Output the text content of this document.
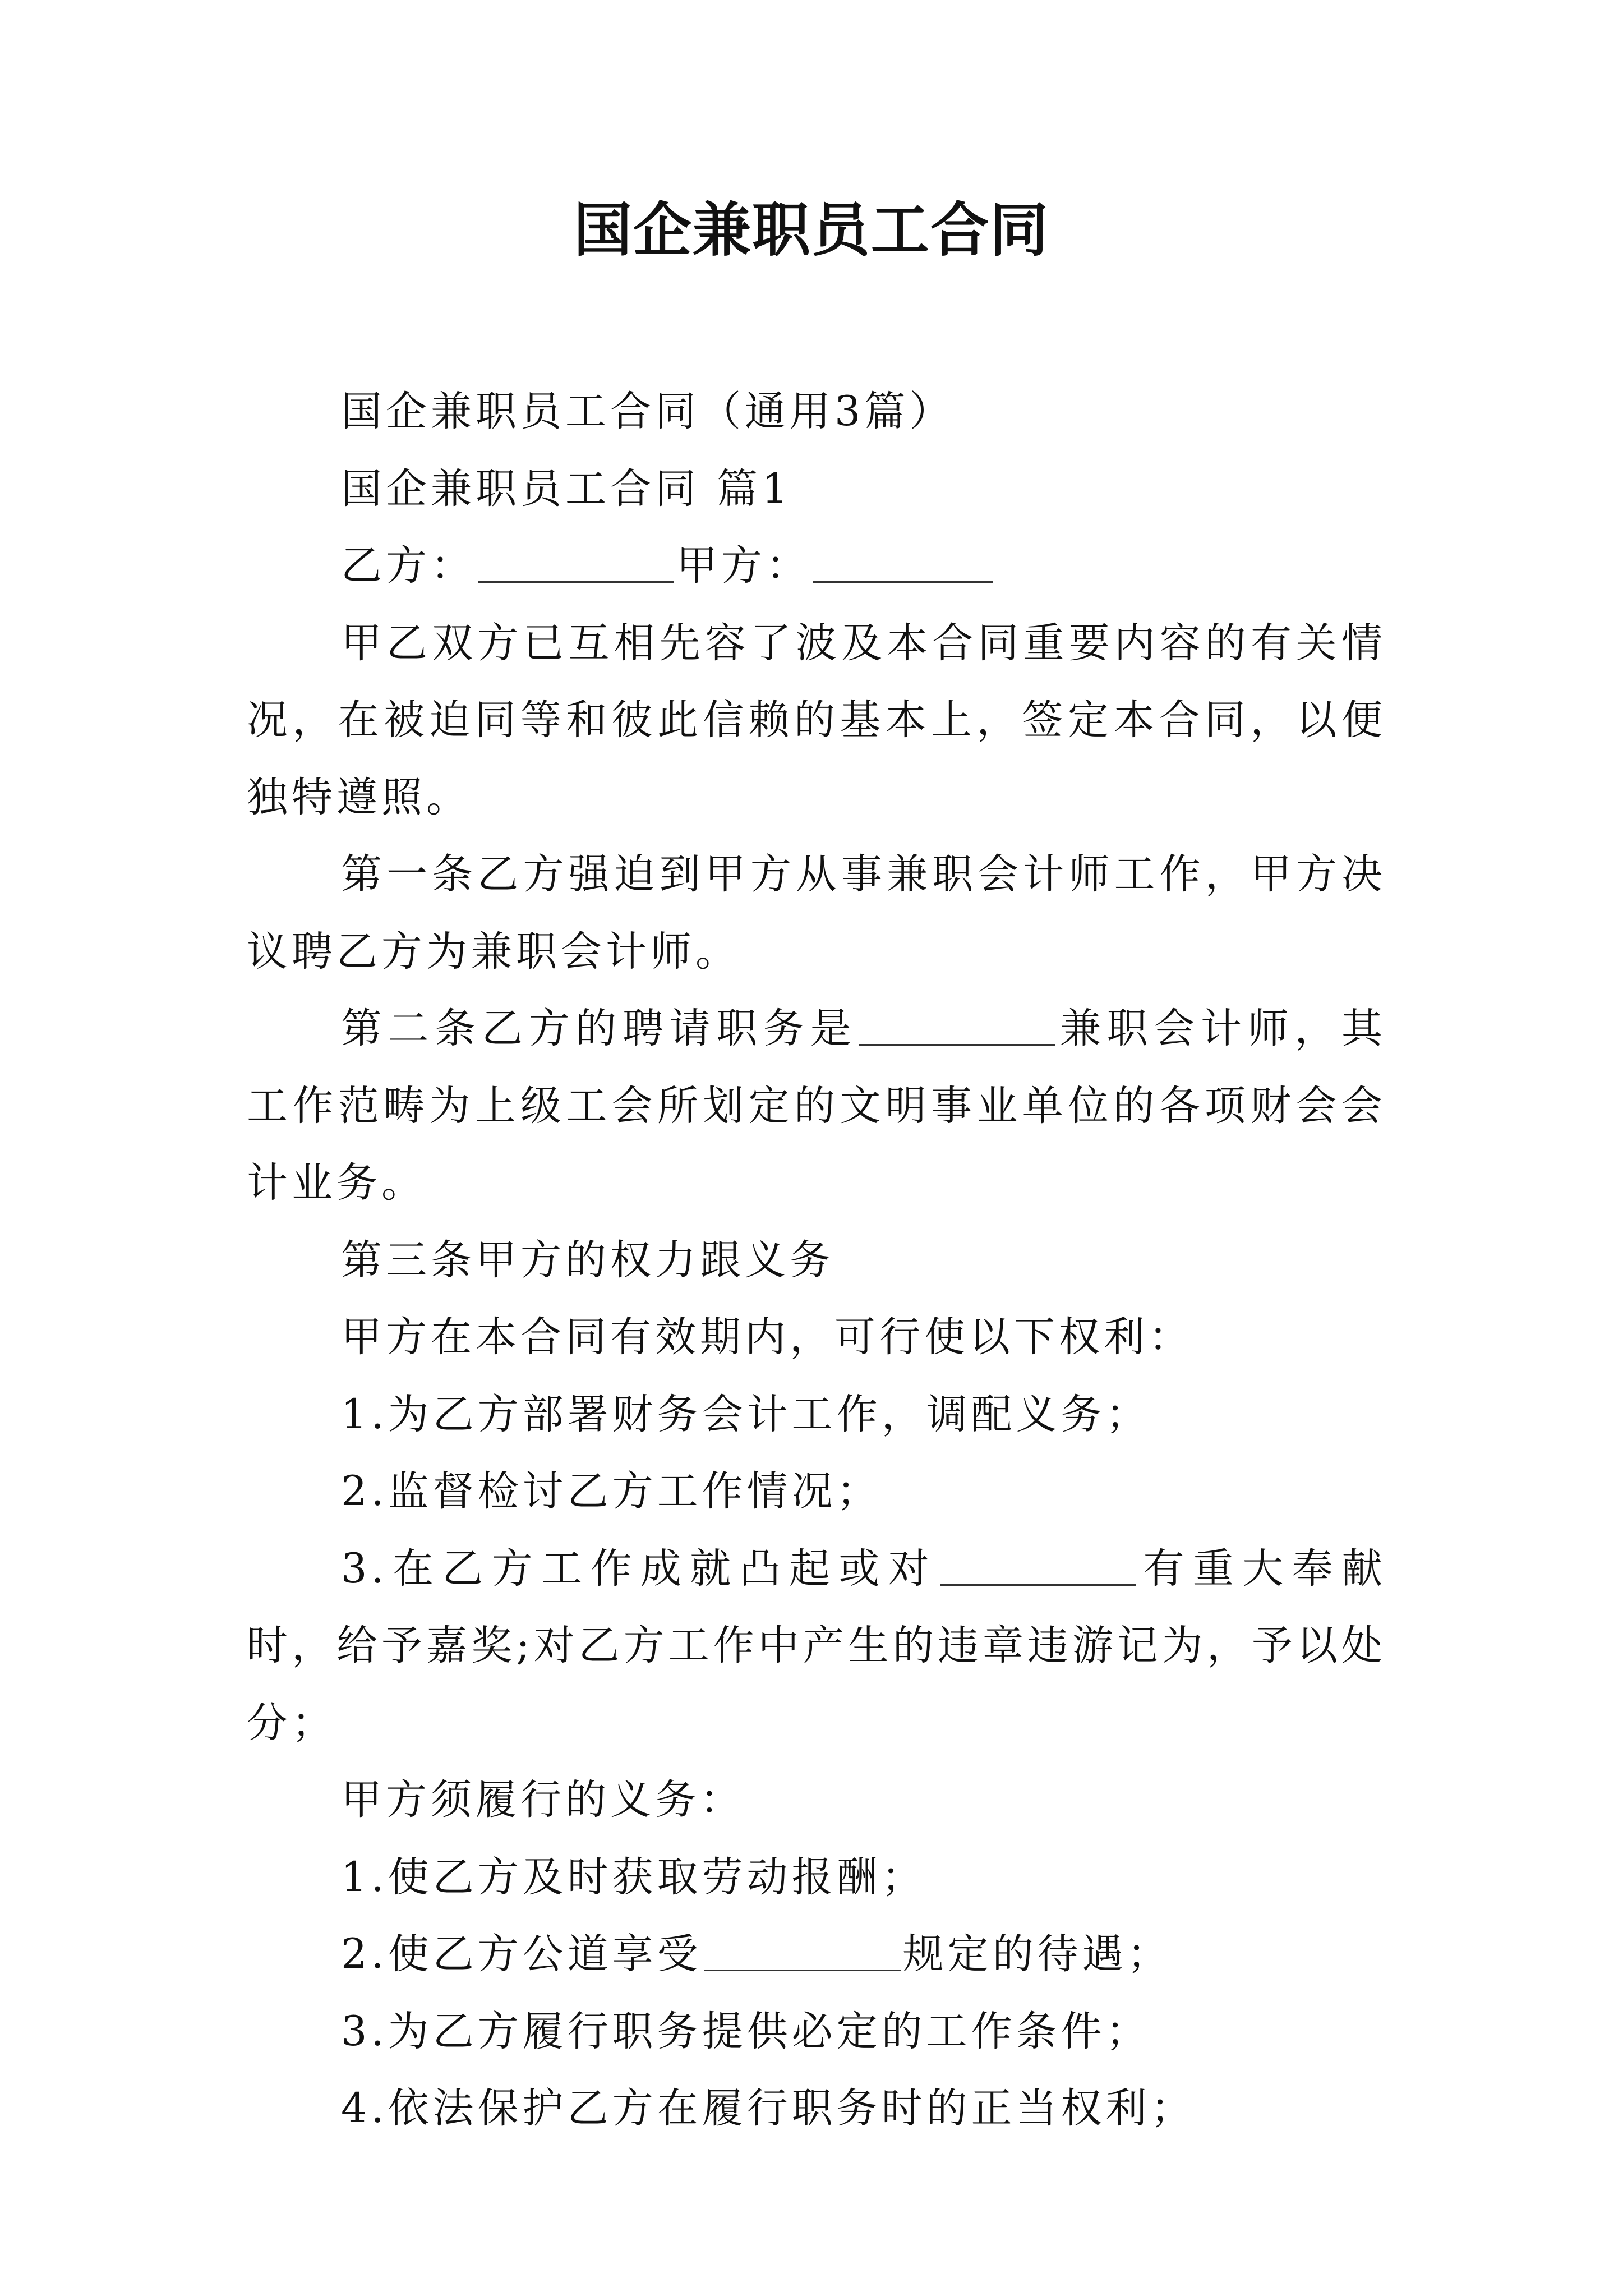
国企兼职员工合同

国企兼职员工合同（通用3篇）

国企兼职员工合同 篇1

乙方：	甲方：

甲乙双方已互相先容了波及本合同重要内容的有关情况，在被迫同等和彼此信赖的基本上，签定本合同，以便独特遵照。

第一条乙方强迫到甲方从事兼职会计师工作，甲方决议聘乙方为兼职会计师。

第二条乙方的聘请职务是	兼职会计师，其工作范畴为上级工会所划定的文明事业单位的各项财会会计业务。

第三条甲方的权力跟义务

甲方在本合同有效期内，可行使以下权利：

1.为乙方部署财务会计工作，调配义务；

2.监督检讨乙方工作情况；

3.在乙方工作成就凸起或对	有重大奉献时，给予嘉奖;对乙方工作中产生的违章违游记为，予以处分；

甲方须履行的义务：

1.使乙方及时获取劳动报酬；

2.使乙方公道享受	规定的待遇；

3.为乙方履行职务提供必定的工作条件；

4.依法保护乙方在履行职务时的正当权利；
